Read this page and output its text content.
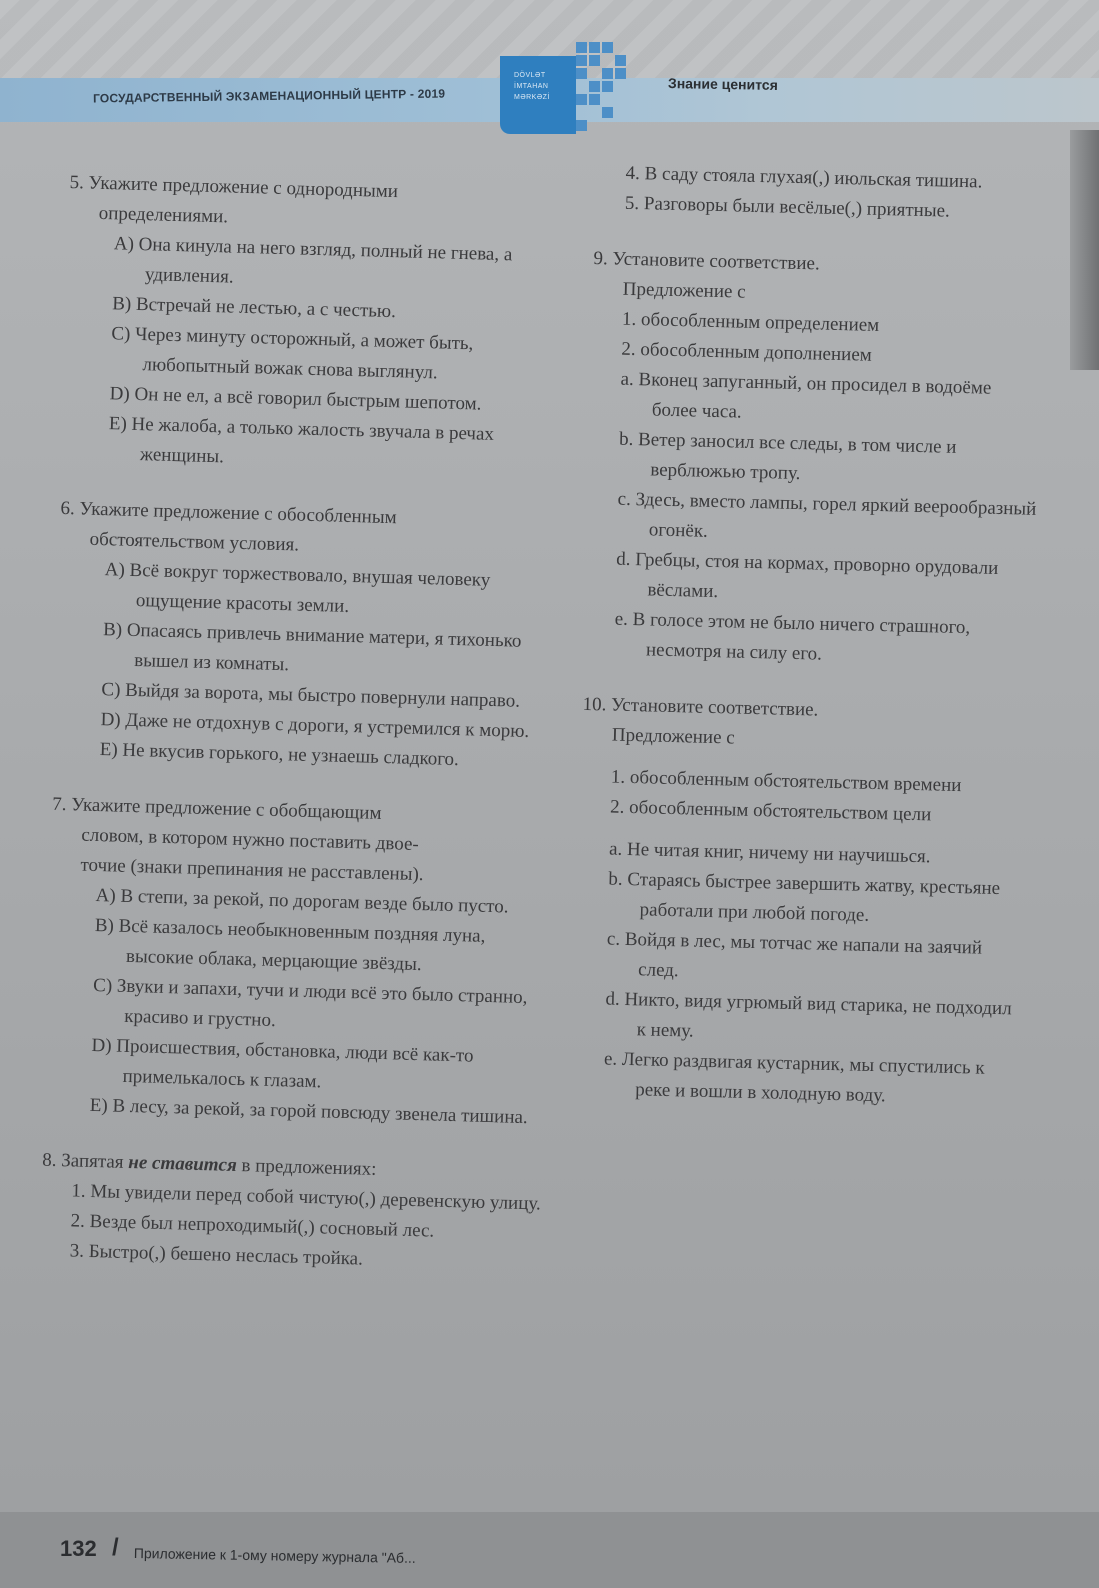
ГОСУДАРСТВЕННЫЙ ЭКЗАМЕНАЦИОННЫЙ ЦЕНТР - 2019
DÖVLƏT
İMTAHAN
MƏRKƏZİ
Знание ценится
5. Укажите предложение с однородными
определениями.
A) Она кинула на него взгляд, полный не гнева, а удивления.
B) Встречай не лестью, а с честью.
C) Через минуту осторожный, а может быть, любопытный вожак снова выглянул.
D) Он не ел, а всё говорил быстрым шепотом.
E) Не жалоба, а только жалость звучала в речах женщины.
6. Укажите предложение с обособленным
обстоятельством условия.
A) Всё вокруг торжествовало, внушая человеку ощущение красоты земли.
B) Опасаясь привлечь внимание матери, я тихонько вышел из комнаты.
C) Выйдя за ворота, мы быстро повернули направо.
D) Даже не отдохнув с дороги, я устремился к морю.
E) Не вкусив горького, не узнаешь сладкого.
7. Укажите предложение с обобщающим
словом, в котором нужно поставить двое-
точие (знаки препинания не расставлены).
A) В степи, за рекой, по дорогам везде было пусто.
B) Всё казалось необыкновенным поздняя луна, высокие облака, мерцающие звёзды.
C) Звуки и запахи, тучи и люди всё это было странно, красиво и грустно.
D) Происшествия, обстановка, люди всё как-то примелькалось к глазам.
E) В лесу, за рекой, за горой повсюду звенела тишина.
8. Запятая не ставится в предложениях:
1. Мы увидели перед собой чистую(,) деревенскую улицу.
2. Везде был непроходимый(,) сосновый лес.
3. Быстро(,) бешено неслась тройка.
4. В саду стояла глухая(,) июльская тишина.
5. Разговоры были весёлые(,) приятные.
9. Установите соответствие.
Предложение с
1. обособленным определением
2. обособленным дополнением
a. Вконец запуганный, он просидел в водоёме более часа.
b. Ветер заносил все следы, в том числе и верблюжью тропу.
c. Здесь, вместо лампы, горел яркий веерообразный огонёк.
d. Гребцы, стоя на кормах, проворно орудовали вёслами.
e. В голосе этом не было ничего страшного, несмотря на силу его.
10. Установите соответствие.
Предложение с
1. обособленным обстоятельством времени
2. обособленным обстоятельством цели
a. Не читая книг, ничему ни научишься.
b. Стараясь быстрее завершить жатву, крестьяне работали при любой погоде.
c. Войдя в лес, мы тотчас же напали на заячий след.
d. Никто, видя угрюмый вид старика, не подходил к нему.
e. Легко раздвигая кустарник, мы спустились к реке и вошли в холодную воду.
132 / Приложение к 1-ому номеру журнала "Аб...
